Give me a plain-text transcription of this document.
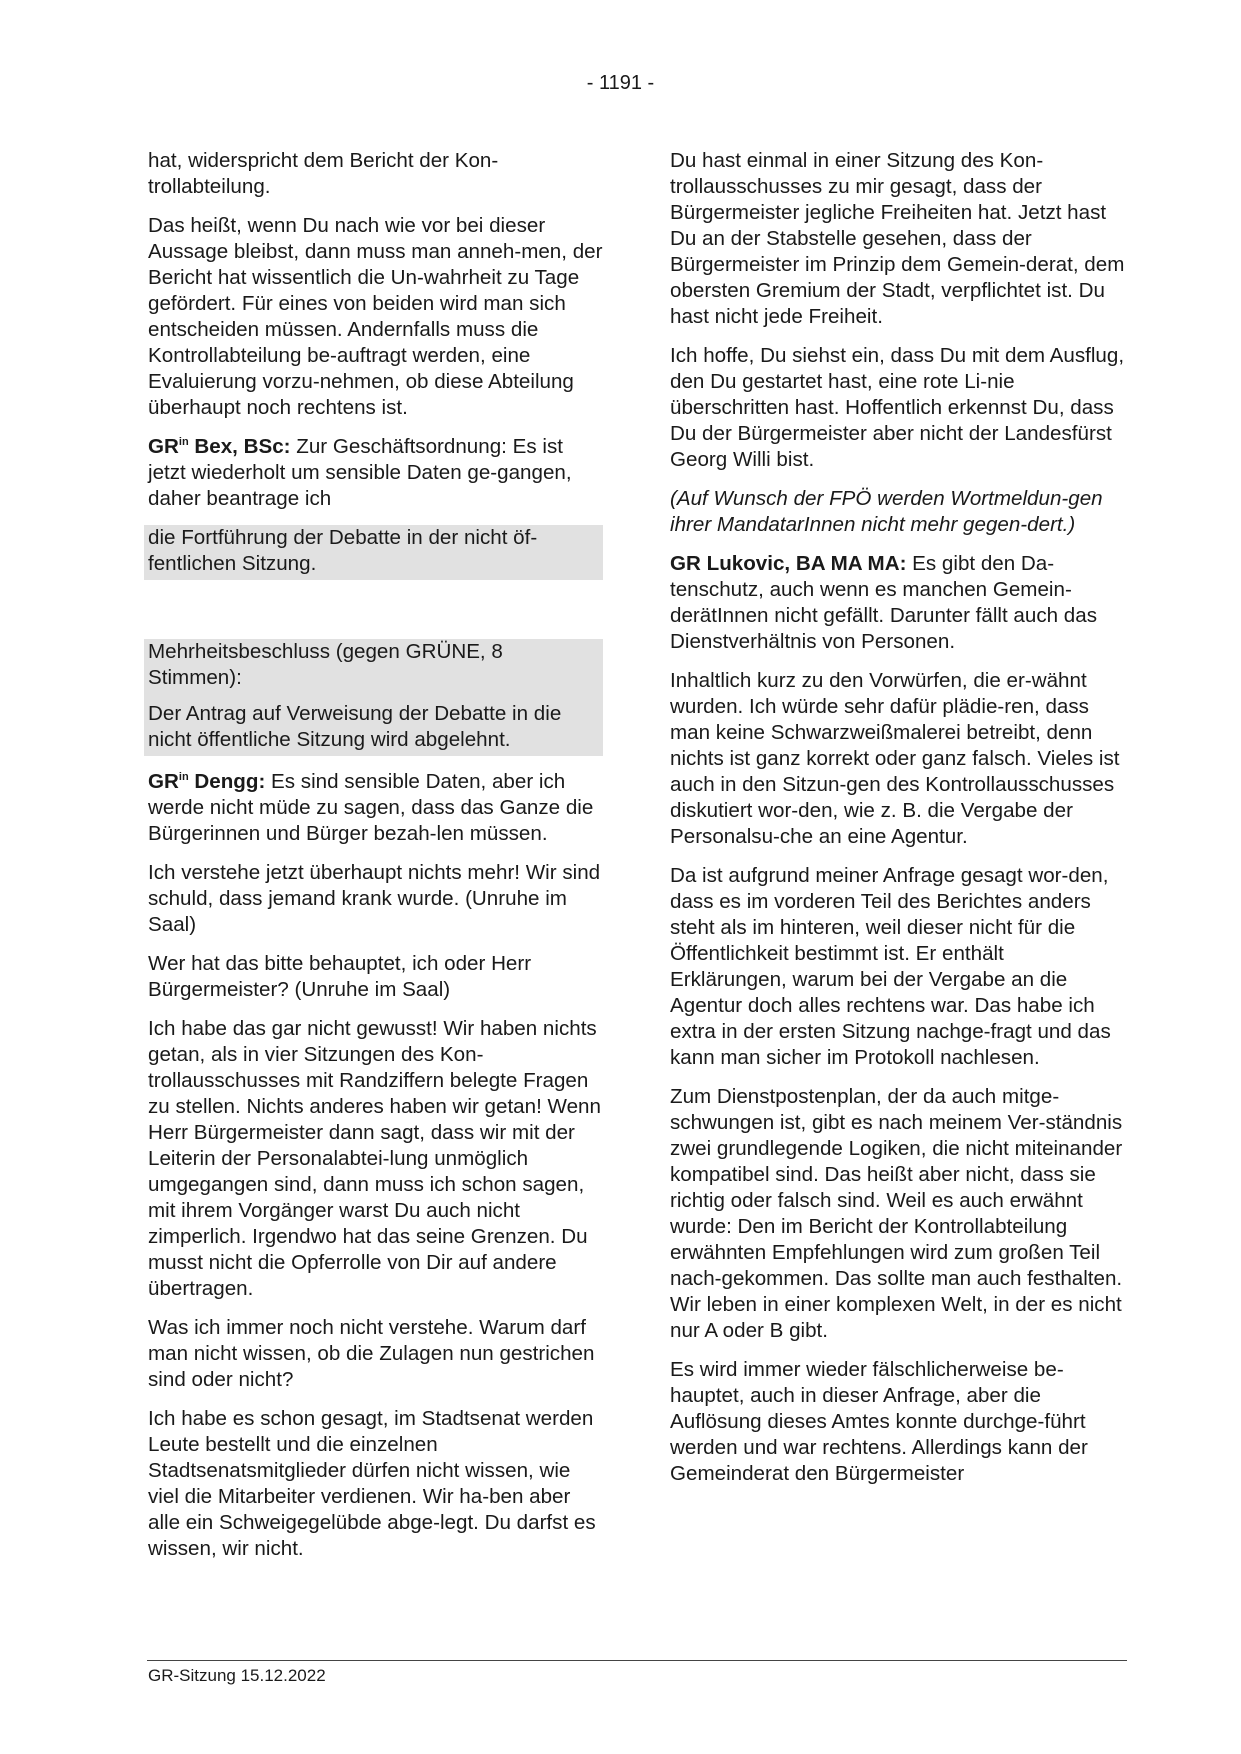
- 1191 -

hat, widerspricht dem Bericht der Kon-trollabteilung.

Das heißt, wenn Du nach wie vor bei dieser Aussage bleibst, dann muss man anneh-men, der Bericht hat wissentlich die Un-wahrheit zu Tage gefördert. Für eines von beiden wird man sich entscheiden müssen. Andernfalls muss die Kontrollabteilung be-auftragt werden, eine Evaluierung vorzu-nehmen, ob diese Abteilung überhaupt noch rechtens ist.

$GR^{in}$ Bex, BSc: Zur Geschäftsordnung: Es ist jetzt wiederholt um sensible Daten ge-gangen, daher beantrage ich

die Fortführung der Debatte in der nicht öf-fentlichen Sitzung.

Mehrheitsbeschluss (gegen GRÜNE, 8 Stimmen):

Der Antrag auf Verweisung der Debatte in die nicht öffentliche Sitzung wird abgelehnt.

$GR^{in}$ Dengg: Es sind sensible Daten, aber ich werde nicht müde zu sagen, dass das Ganze die Bürgerinnen und Bürger bezah-len müssen.

Ich verstehe jetzt überhaupt nichts mehr! Wir sind schuld, dass jemand krank wurde. (Unruhe im Saal)

Wer hat das bitte behauptet, ich oder Herr Bürgermeister? (Unruhe im Saal)

Ich habe das gar nicht gewusst! Wir haben nichts getan, als in vier Sitzungen des Kon-trollausschusses mit Randziffern belegte Fragen zu stellen. Nichts anderes haben wir getan! Wenn Herr Bürgermeister dann sagt, dass wir mit der Leiterin der Personalabtei-lung unmöglich umgegangen sind, dann muss ich schon sagen, mit ihrem Vorgänger warst Du auch nicht zimperlich. Irgendwo hat das seine Grenzen. Du musst nicht die Opferrolle von Dir auf andere übertragen.

Was ich immer noch nicht verstehe. Warum darf man nicht wissen, ob die Zulagen nun gestrichen sind oder nicht?

Ich habe es schon gesagt, im Stadtsenat werden Leute bestellt und die einzelnen Stadtsenatsmitglieder dürfen nicht wissen, wie viel die Mitarbeiter verdienen. Wir ha-ben aber alle ein Schweigegelübde abge-legt. Du darfst es wissen, wir nicht.

Du hast einmal in einer Sitzung des Kon-trollausschusses zu mir gesagt, dass der Bürgermeister jegliche Freiheiten hat. Jetzt hast Du an der Stabstelle gesehen, dass der Bürgermeister im Prinzip dem Gemein-derat, dem obersten Gremium der Stadt, verpflichtet ist. Du hast nicht jede Freiheit.

Ich hoffe, Du siehst ein, dass Du mit dem Ausflug, den Du gestartet hast, eine rote Li-nie überschritten hast. Hoffentlich erkennst Du, dass Du der Bürgermeister aber nicht der Landesfürst Georg Willi bist.

(Auf Wunsch der FPÖ werden Wortmeldun-gen ihrer MandatarInnen nicht mehr gegen-dert.)

GR Lukovic, BA MA MA: Es gibt den Da-tenschutz, auch wenn es manchen Gemein-derätInnen nicht gefällt. Darunter fällt auch das Dienstverhältnis von Personen.

Inhaltlich kurz zu den Vorwürfen, die er-wähnt wurden. Ich würde sehr dafür plädie-ren, dass man keine Schwarzweißmalerei betreibt, denn nichts ist ganz korrekt oder ganz falsch. Vieles ist auch in den Sitzun-gen des Kontrollausschusses diskutiert wor-den, wie z. B. die Vergabe der Personalsu-che an eine Agentur.

Da ist aufgrund meiner Anfrage gesagt wor-den, dass es im vorderen Teil des Berichtes anders steht als im hinteren, weil dieser nicht für die Öffentlichkeit bestimmt ist. Er enthält Erklärungen, warum bei der Vergabe an die Agentur doch alles rechtens war. Das habe ich extra in der ersten Sitzung nachge-fragt und das kann man sicher im Protokoll nachlesen.

Zum Dienstpostenplan, der da auch mitge-schwungen ist, gibt es nach meinem Ver-ständnis zwei grundlegende Logiken, die nicht miteinander kompatibel sind. Das heißt aber nicht, dass sie richtig oder falsch sind. Weil es auch erwähnt wurde: Den im Bericht der Kontrollabteilung erwähnten Empfehlungen wird zum großen Teil nach-gekommen. Das sollte man auch festhalten. Wir leben in einer komplexen Welt, in der es nicht nur A oder B gibt.

Es wird immer wieder fälschlicherweise be-hauptet, auch in dieser Anfrage, aber die Auflösung dieses Amtes konnte durchge-führt werden und war rechtens. Allerdings kann der Gemeinderat den Bürgermeister

GR-Sitzung 15.12.2022
